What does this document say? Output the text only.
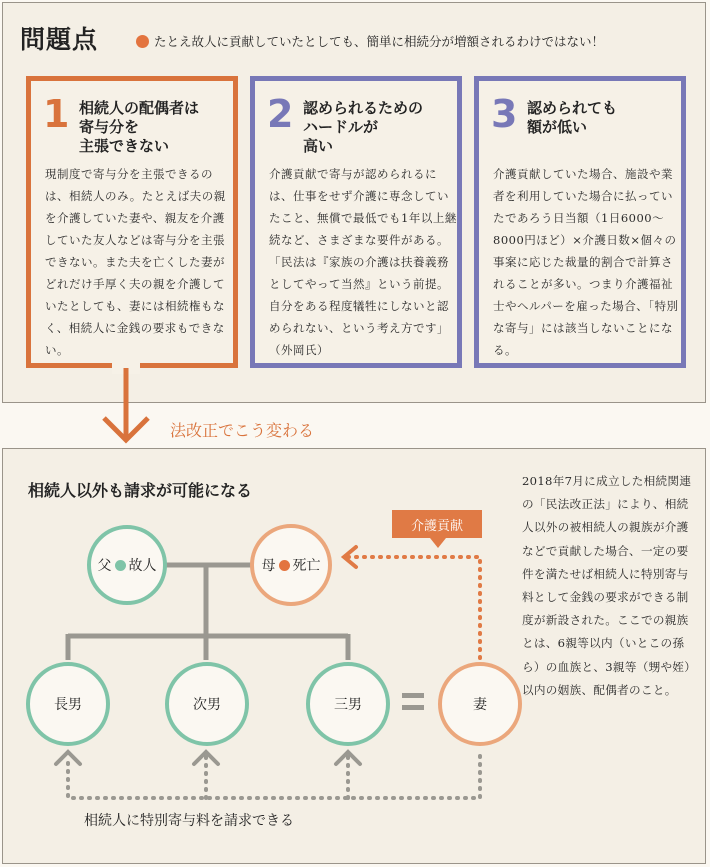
問題点	たとえ故人に貢献していたとしても、簡単に相続分が増額されるわけではない！
1 相続人の配偶者は
寄与分を
主張できない
現制度で寄与分を主張できるのは、相続人のみ。たとえば夫の親を介護していた妻や、親友を介護していた友人などは寄与分を主張できない。また夫を亡くした妻がどれだけ手厚く夫の親を介護していたとしても、妻には相続権もなく、相続人に金銭の要求もできない。
2 認められるための
ハードルが
高い
介護貢献で寄与が認められるには、仕事をせず介護に専念していたこと、無償で最低でも1年以上継続など、さまざまな要件がある。「民法は『家族の介護は扶養義務としてやって当然』という前提。自分をある程度犠牲にしないと認められない、という考え方です」（外岡氏）
3 認められても
額が低い
介護貢献していた場合、施設や業者を利用していた場合に払っていたであろう日当額（1日6000〜8000円ほど）×介護日数×個々の事案に応じた裁量的割合で計算されることが多い。つまり介護福祉士やヘルパーを雇った場合、「特別な寄与」には該当しないことになる。
法改正でこう変わる
相続人以外も請求が可能になる	2018年7月に成立した相続関連の「民法改正法」により、相続人以外の被相続人の親族が介護などで貢献した場合、一定の要件を満たせば相続人に特別寄与料として金銭の要求ができる制度が新設された。ここでの親族とは、6親等以内（いとこの孫ら）の血族と、3親等（甥や姪）以内の姻族、配偶者のこと。
介護貢献
父 故人	母 死亡
長男	次男	三男	妻
相続人に特別寄与料を請求できる
